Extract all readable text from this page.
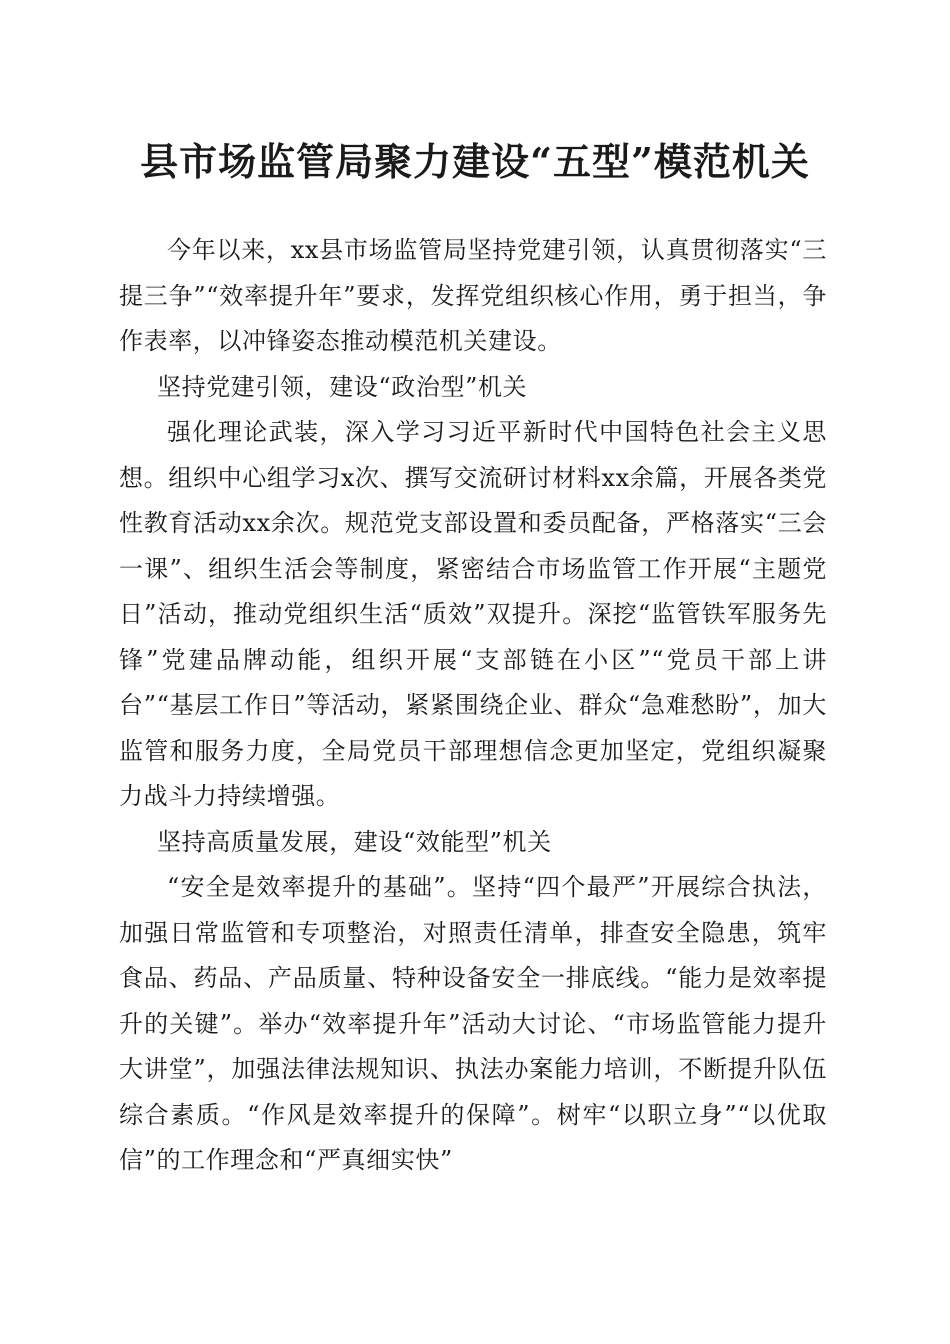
县市场监管局聚力建设“五型”模范机关

今年以来，xx县市场监管局坚持党建引领，认真贯彻落实“三提三争”“效率提升年”要求，发挥党组织核心作用，勇于担当，争作表率，以冲锋姿态推动模范机关建设。

坚持党建引领，建设“政治型”机关

强化理论武装，深入学习习近平新时代中国特色社会主义思想。组织中心组学习x次、撰写交流研讨材料xx余篇，开展各类党性教育活动xx余次。规范党支部设置和委员配备，严格落实“三会一课”、组织生活会等制度，紧密结合市场监管工作开展“主题党日”活动，推动党组织生活“质效”双提升。深挖“监管铁军服务先锋”党建品牌动能，组织开展“支部链在小区”“党员干部上讲台”“基层工作日”等活动，紧紧围绕企业、群众“急难愁盼”，加大监管和服务力度，全局党员干部理想信念更加坚定，党组织凝聚力战斗力持续增强。

坚持高质量发展，建设“效能型”机关

“安全是效率提升的基础”。坚持“四个最严”开展综合执法，加强日常监管和专项整治，对照责任清单，排查安全隐患，筑牢食品、药品、产品质量、特种设备安全一排底线。“能力是效率提升的关键”。举办“效率提升年”活动大讨论、“市场监管能力提升大讲堂”，加强法律法规知识、执法办案能力培训，不断提升队伍综合素质。“作风是效率提升的保障”。树牢“以职立身”“以优取信”的工作理念和“严真细实快”
